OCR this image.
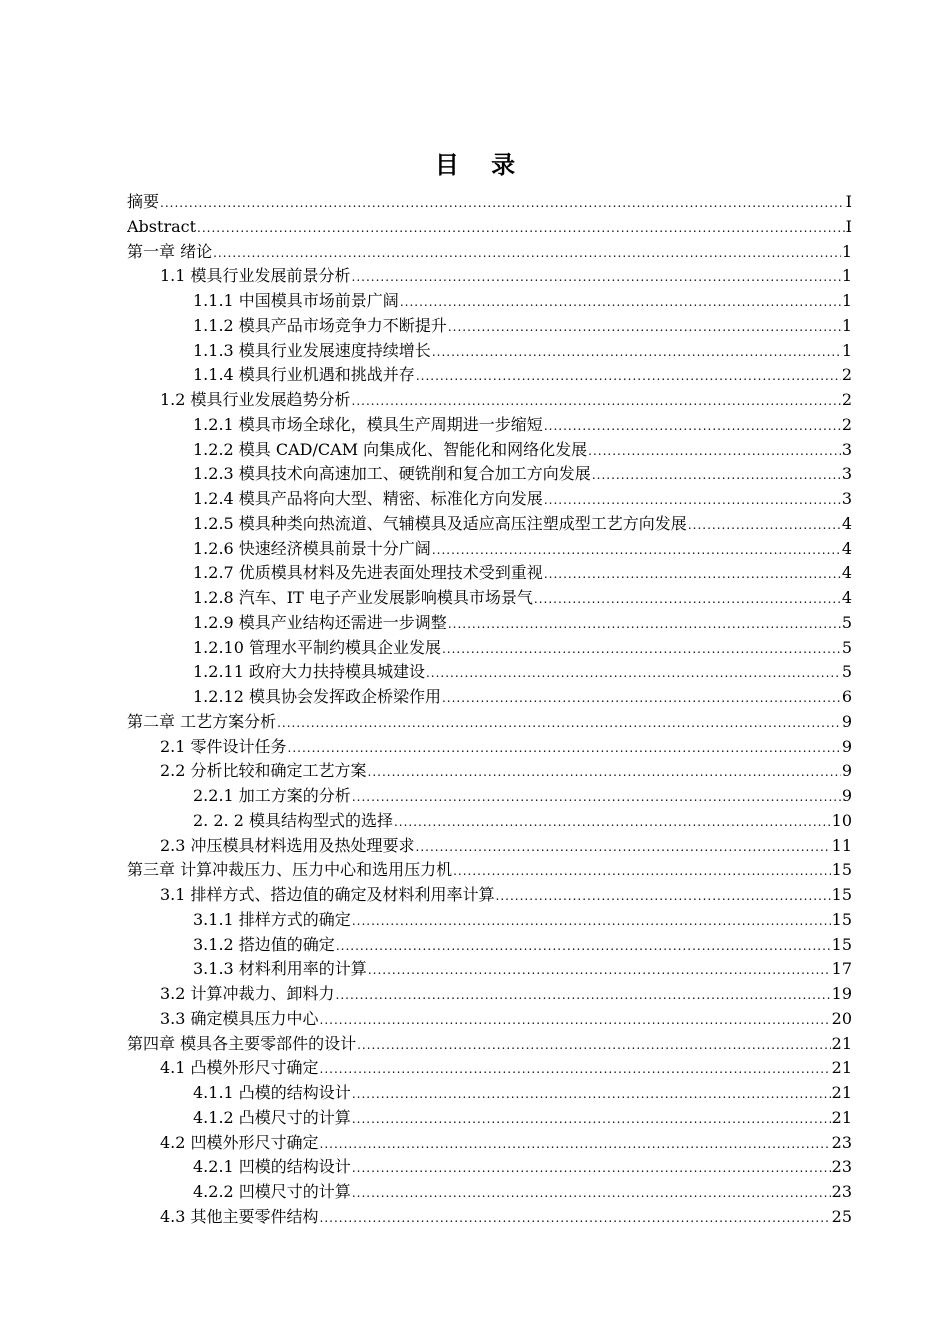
目 录
摘要 .....	I
Abstract .....	I
第一章 绪论 .....	1
1.1 模具行业发展前景分析 .....	1
1.1.1 中国模具市场前景广阔 .....	1
1.1.2 模具产品市场竞争力不断提升 .....	1
1.1.3 模具行业发展速度持续增长 .....	1
1.1.4 模具行业机遇和挑战并存 .....	2
1.2 模具行业发展趋势分析 .....	2
1.2.1 模具市场全球化，模具生产周期进一步缩短 .....	2
1.2.2 模具 CAD/CAM 向集成化、智能化和网络化发展 .....	3
1.2.3 模具技术向高速加工、硬铣削和复合加工方向发展 .....	3
1.2.4 模具产品将向大型、精密、标准化方向发展 .....	3
1.2.5 模具种类向热流道、气辅模具及适应高压注塑成型工艺方向发展 .....	4
1.2.6 快速经济模具前景十分广阔 .....	4
1.2.7 优质模具材料及先进表面处理技术受到重视 .....	4
1.2.8 汽车、IT 电子产业发展影响模具市场景气 .....	4
1.2.9 模具产业结构还需进一步调整 .....	5
1.2.10 管理水平制约模具企业发展 .....	5
1.2.11 政府大力扶持模具城建设 .....	5
1.2.12 模具协会发挥政企桥梁作用 .....	6
第二章 工艺方案分析 .....	9
2.1 零件设计任务 .....	9
2.2 分析比较和确定工艺方案 .....	9
2.2.1 加工方案的分析 .....	9
2. 2. 2 模具结构型式的选择 .....	10
2.3 冲压模具材料选用及热处理要求 .....	11
第三章 计算冲裁压力、压力中心和选用压力机 .....	15
3.1 排样方式、搭边值的确定及材料利用率计算 .....	15
3.1.1 排样方式的确定 .....	15
3.1.2 搭边值的确定 .....	15
3.1.3 材料利用率的计算 .....	17
3.2 计算冲裁力、卸料力 .....	19
3.3 确定模具压力中心 .....	20
第四章 模具各主要零部件的设计 .....	21
4.1 凸模外形尺寸确定 .....	21
4.1.1 凸模的结构设计 .....	21
4.1.2 凸模尺寸的计算 .....	21
4.2 凹模外形尺寸确定 .....	23
4.2.1 凹模的结构设计 .....	23
4.2.2 凹模尺寸的计算 .....	23
4.3 其他主要零件结构 .....	25
